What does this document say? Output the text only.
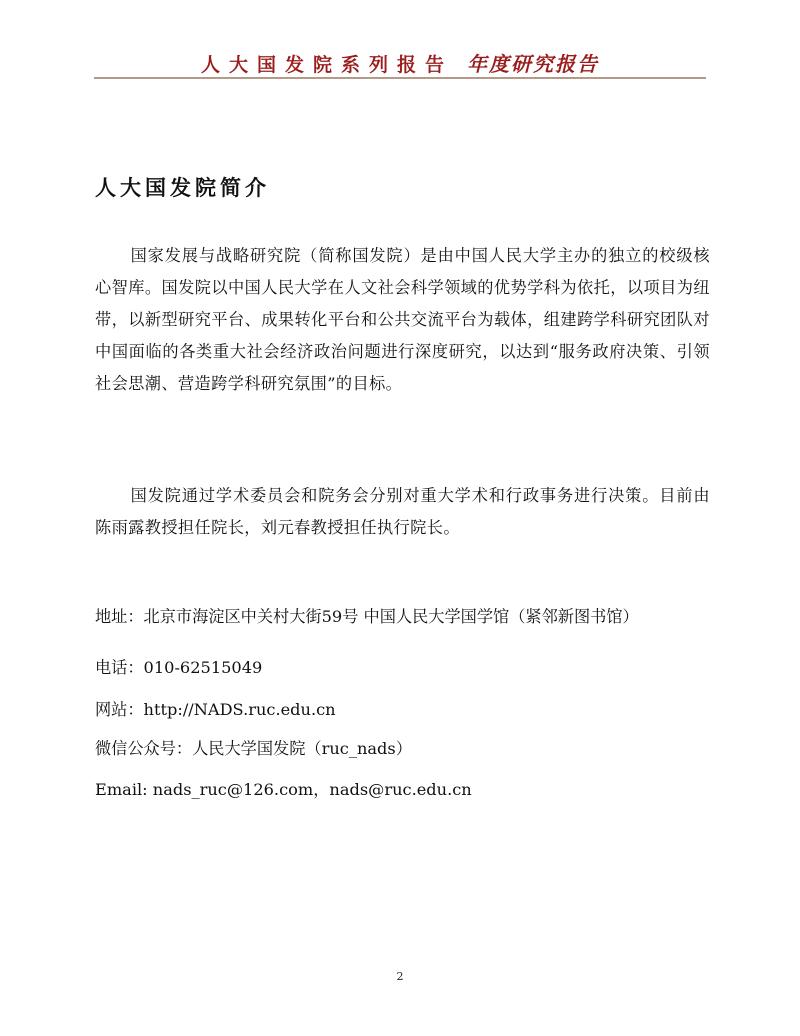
人大国发院系列报告 年度研究报告
人大国发院简介

国家发展与战略研究院（简称国发院）是由中国人民大学主办的独立的校级核心智库。国发院以中国人民大学在人文社会科学领域的优势学科为依托，以项目为纽带，以新型研究平台、成果转化平台和公共交流平台为载体，组建跨学科研究团队对中国面临的各类重大社会经济政治问题进行深度研究，以达到“服务政府决策、引领社会思潮、营造跨学科研究氛围”的目标。

国发院通过学术委员会和院务会分别对重大学术和行政事务进行决策。目前由陈雨露教授担任院长，刘元春教授担任执行院长。

地址：北京市海淀区中关村大街59号 中国人民大学国学馆（紧邻新图书馆）

电话：010-62515049

网站：http://NADS.ruc.edu.cn

微信公众号：人民大学国发院（ruc_nads）

Email: nads_ruc@126.com，nads@ruc.edu.cn

2
